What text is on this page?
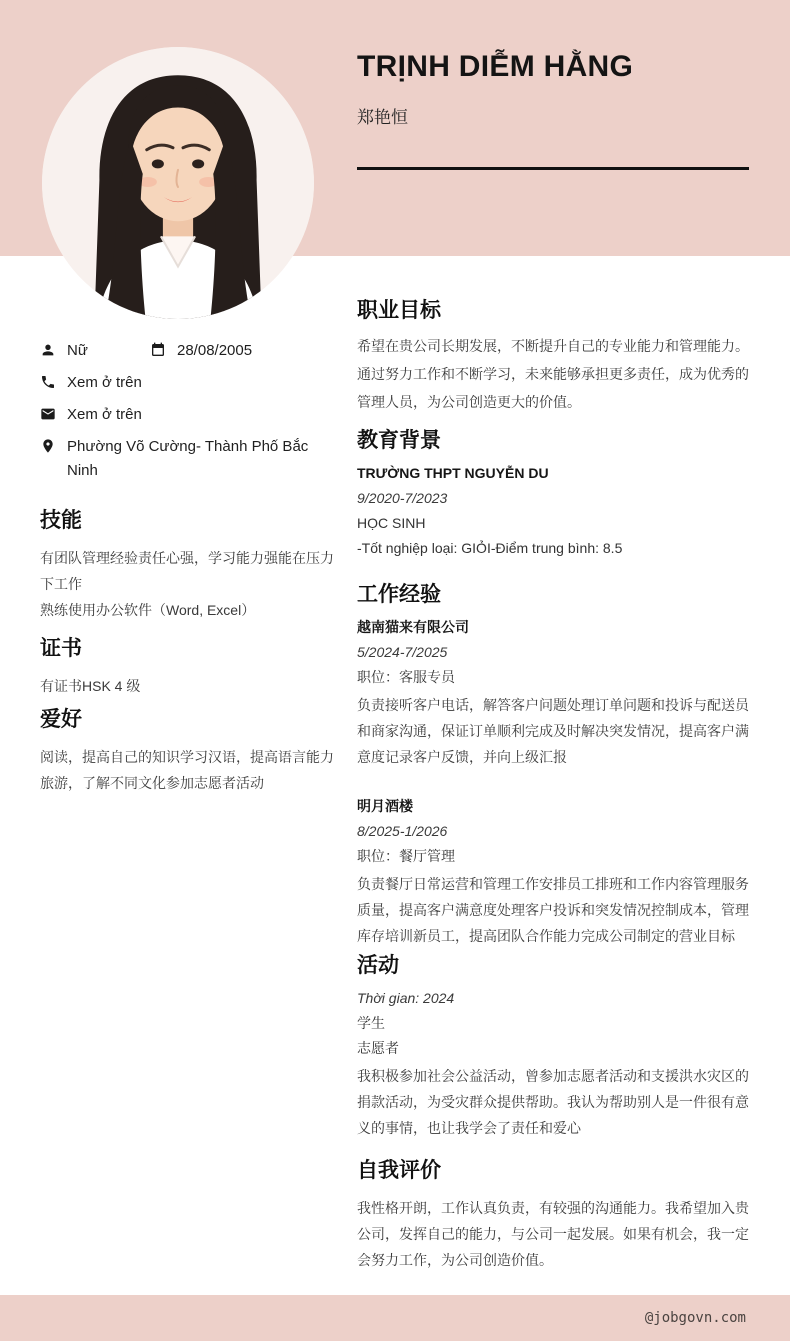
TRỊNH DIỄM HẰNG
郑艳恒
Nữ	28/08/2005
Xem ở trên
Xem ở trên
Phường Võ Cường- Thành Phố Bắc Ninh
技能
有团队管理经验责任心强，学习能力强能在压力下工作
熟练使用办公软件（Word, Excel）
证书
有证书HSK 4 级
爱好
阅读，提高自己的知识学习汉语，提高语言能力旅游，了解不同文化参加志愿者活动
职业目标
希望在贵公司长期发展，不断提升自己的专业能力和管理能力。通过努力工作和不断学习，未来能够承担更多责任，成为优秀的管理人员，为公司创造更大的价值。
教育背景
TRƯỜNG THPT NGUYỄN DU
9/2020-7/2023
HỌC SINH
-Tốt nghiệp loại: GIỎI-Điểm trung bình: 8.5
工作经验
越南猫来有限公司
5/2024-7/2025
职位：客服专员
负责接听客户电话，解答客户问题处理订单问题和投诉与配送员和商家沟通，保证订单顺利完成及时解决突发情况，提高客户满意度记录客户反馈，并向上级汇报
明月酒楼
8/2025-1/2026
职位：餐厅管理
负责餐厅日常运营和管理工作安排员工排班和工作内容管理服务质量，提高客户满意度处理客户投诉和突发情况控制成本，管理库存培训新员工，提高团队合作能力完成公司制定的营业目标
活动
Thời gian: 2024
学生
志愿者
我积极参加社会公益活动，曾参加志愿者活动和支援洪水灾区的捐款活动，为受灾群众提供帮助。我认为帮助别人是一件很有意义的事情，也让我学会了责任和爱心
自我评价
我性格开朗，工作认真负责，有较强的沟通能力。我希望加入贵公司，发挥自己的能力，与公司一起发展。如果有机会，我一定会努力工作，为公司创造价值。
@jobgovn.com
